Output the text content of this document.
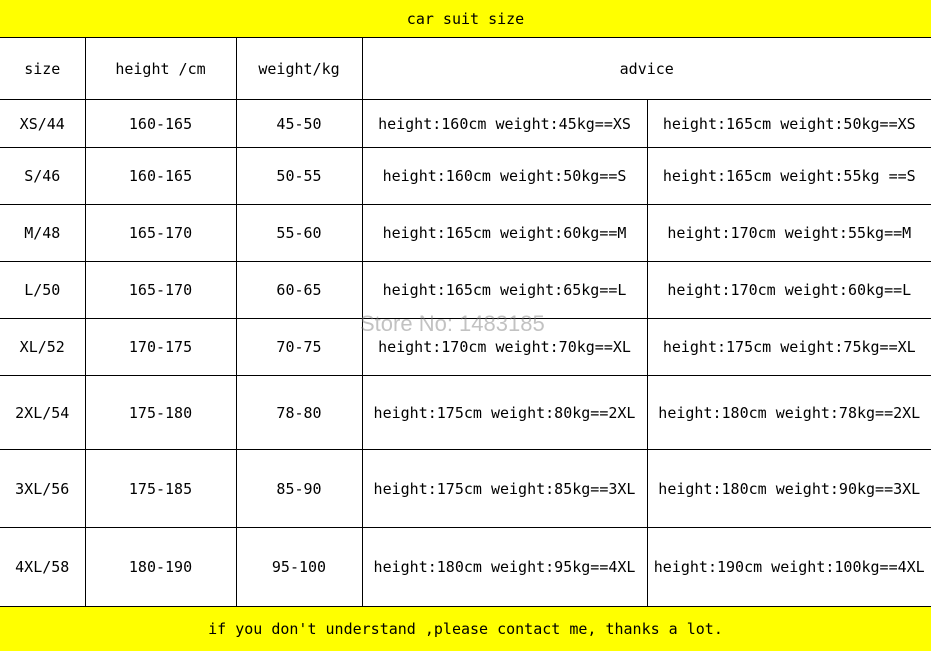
car suit size
size	height /cm	weight/kg	advice	
XS/44	160-165	45-50	height:160cm weight:45kg==XS	height:165cm weight:50kg==XS
S/46	160-165	50-55	height:160cm weight:50kg==S	height:165cm weight:55kg ==S
M/48	165-170	55-60	height:165cm weight:60kg==M	height:170cm weight:55kg==M
L/50	165-170	60-65	height:165cm weight:65kg==L	height:170cm weight:60kg==L
XL/52	170-175	70-75	height:170cm weight:70kg==XL	height:175cm weight:75kg==XL
2XL/54	175-180	78-80	height:175cm weight:80kg==2XL	height:180cm weight:78kg==2XL
3XL/56	175-185	85-90	height:175cm weight:85kg==3XL	height:180cm weight:90kg==3XL
4XL/58	180-190	95-100	height:180cm weight:95kg==4XL	height:190cm weight:100kg==4XL
Store No: 1483185
if you don't understand ,please contact me, thanks a lot.
